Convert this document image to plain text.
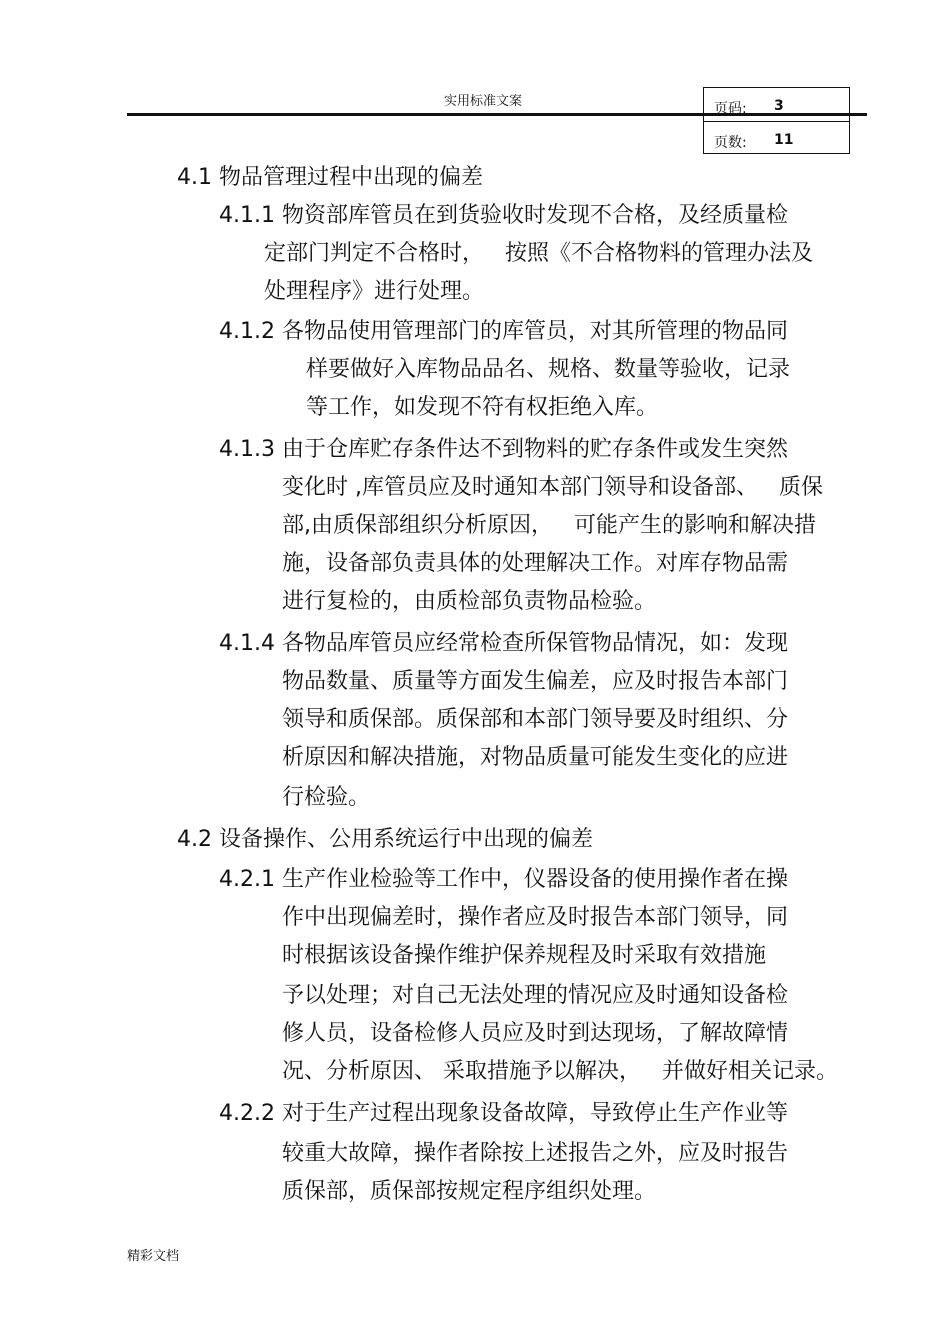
实用标准文案	页码: 3
页数: 11
4.1 物品管理过程中出现的偏差
4.1.1 物资部库管员在到货验收时发现不合格，及经质量检
定部门判定不合格时，   按照《不合格物料的管理办法及
处理程序》进行处理。
4.1.2 各物品使用管理部门的库管员，对其所管理的物品同
样要做好入库物品品名、规格、数量等验收，记录
等工作，如发现不符有权拒绝入库。
4.1.3 由于仓库贮存条件达不到物料的贮存条件或发生突然
变化时 ,库管员应及时通知本部门领导和设备部、   质保
部,由质保部组织分析原因，   可能产生的影响和解决措
施，设备部负责具体的处理解决工作。对库存物品需
进行复检的，由质检部负责物品检验。
4.1.4 各物品库管员应经常检查所保管物品情况，如：发现
物品数量、质量等方面发生偏差，应及时报告本部门
领导和质保部。质保部和本部门领导要及时组织、分
析原因和解决措施，对物品质量可能发生变化的应进
行检验。
4.2 设备操作、公用系统运行中出现的偏差
4.2.1 生产作业检验等工作中，仪器设备的使用操作者在操
作中出现偏差时，操作者应及时报告本部门领导，同
时根据该设备操作维护保养规程及时采取有效措施
予以处理；对自己无法处理的情况应及时通知设备检
修人员，设备检修人员应及时到达现场，了解故障情
况、分析原因、 采取措施予以解决，   并做好相关记录。
4.2.2 对于生产过程出现象设备故障，导致停止生产作业等
较重大故障，操作者除按上述报告之外，应及时报告
质保部，质保部按规定程序组织处理。
精彩文档
